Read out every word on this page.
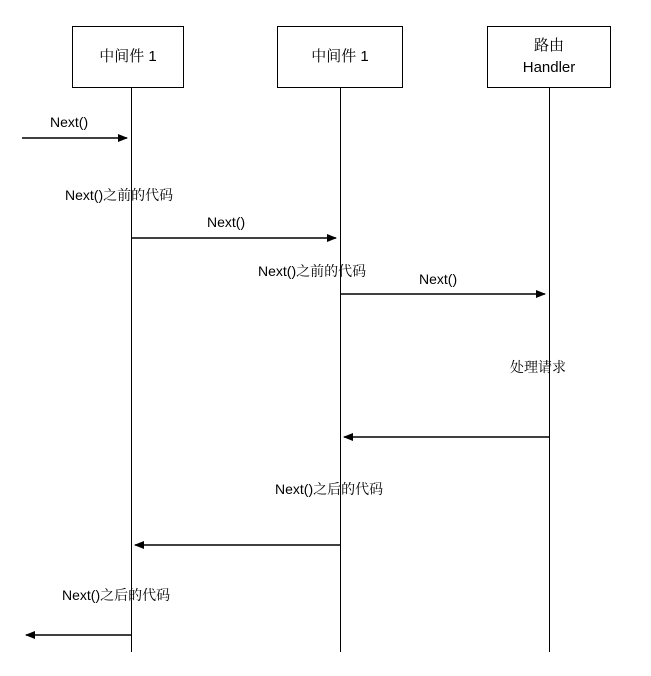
中间件 1	中间件 1
路由
Handler
Next()
Next()之前的代码
Next()
Next()之前的代码	Next()
处理请求
Next()之后的代码
Next()之后的代码
